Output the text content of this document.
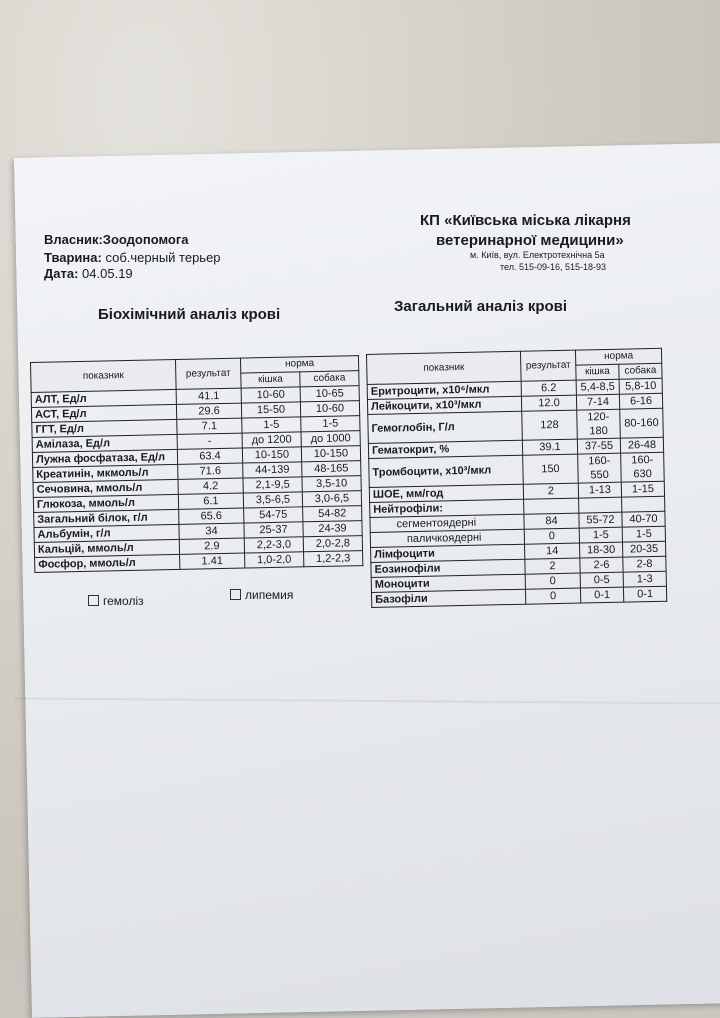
Власник:Зоодопомога
Тварина: соб.черный терьер
Дата: 04.05.19
КП «Київська міська лікарня
ветеринарної медицини»
м. Київ, вул. Електротехнічна 5а
тел. 515-09-16, 515-18-93
Біохімічний аналіз крові	Загальний аналіз крові
показник	результат	норма	
		кішка	собака
АЛТ, Ед/л	41.1	10-60	10-65
АСТ, Ед/л	29.6	15-50	10-60
ГГТ, Ед/л	7.1	1-5	1-5
Амілаза, Ед/л	-	до 1200	до 1000
Лужна фосфатаза, Ед/л	63.4	10-150	10-150
Креатинін, мкмоль/л	71.6	44-139	48-165
Сечовина, ммоль/л	4.2	2,1-9,5	3,5-10
Глюкоза, ммоль/л	6.1	3,5-6,5	3,0-6,5
Загальний білок, г/л	65.6	54-75	54-82
Альбумін, г/л	34	25-37	24-39
Кальцій, ммоль/л	2.9	2,2-3,0	2,0-2,8
Фосфор, ммоль/л	1.41	1,0-2,0	1,2-2,3
гемоліз	липемия
показник	результат	норма	
		кішка	собака
Еритроцити, х10⁶/мкл	6.2	5,4-8,5	5,8-10
Лейкоцити, х10³/мкл	12.0	7-14	6-16
Гемоглобін, Г/л	128	120-180	80-160
Гематокрит, %	39.1	37-55	26-48
Тромбоцити, х10³/мкл	150	160-550	160-630
ШОЕ, мм/год	2	1-13	1-15
Нейтрофіли:			
сегментоядерні	84	55-72	40-70
паличкоядерні	0	1-5	1-5
Лімфоцити	14	18-30	20-35
Еозинофіли	2	2-6	2-8
Моноцити	0	0-5	1-3
Базофіли	0	0-1	0-1
